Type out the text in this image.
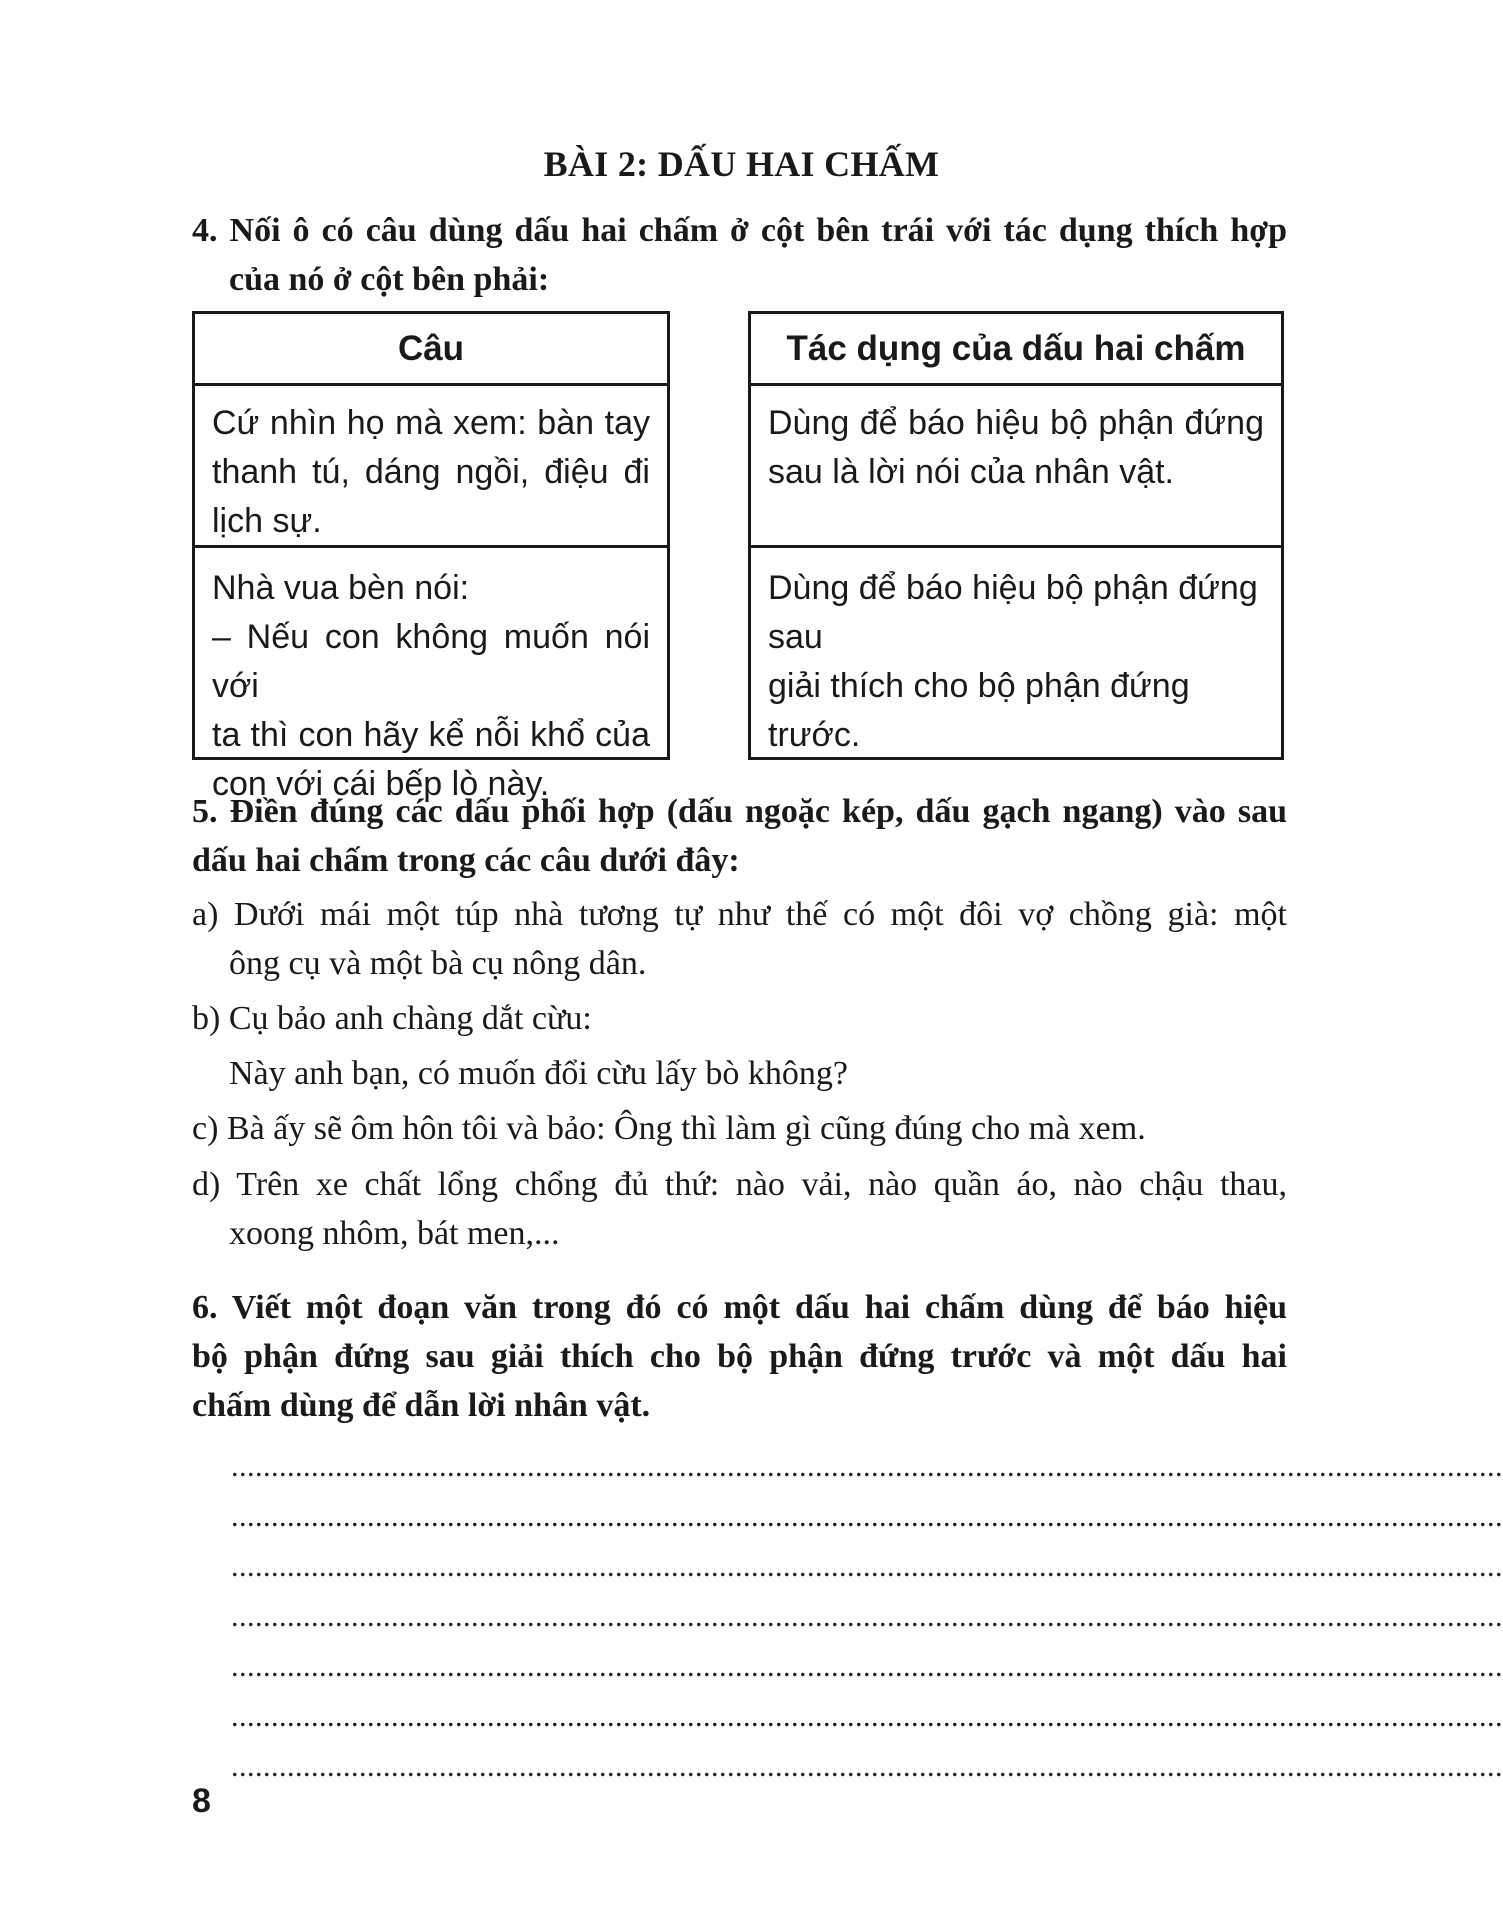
BÀI 2: DẤU HAI CHẤM
4. Nối ô có câu dùng dấu hai chấm ở cột bên trái với tác dụng thích hợp
của nó ở cột bên phải:
Câu
Cứ nhìn họ mà xem: bàn tay
thanh tú, dáng ngồi, điệu đi
lịch sự.
Nhà vua bèn nói:
– Nếu con không muốn nói với
ta thì con hãy kể nỗi khổ của
con với cái bếp lò này.
Tác dụng của dấu hai chấm
Dùng để báo hiệu bộ phận đứng
sau là lời nói của nhân vật.
Dùng để báo hiệu bộ phận đứng sau
giải thích cho bộ phận đứng trước.
5. Điền đúng các dấu phối hợp (dấu ngoặc kép, dấu gạch ngang) vào sau
dấu hai chấm trong các câu dưới đây:
a) Dưới mái một túp nhà tương tự như thế có một đôi vợ chồng già: một
ông cụ và một bà cụ nông dân.
b) Cụ bảo anh chàng dắt cừu:
Này anh bạn, có muốn đổi cừu lấy bò không?
c) Bà ấy sẽ ôm hôn tôi và bảo: Ông thì làm gì cũng đúng cho mà xem.
d) Trên xe chất lổng chổng đủ thứ: nào vải, nào quần áo, nào chậu thau,
xoong nhôm, bát men,...
6. Viết một đoạn văn trong đó có một dấu hai chấm dùng để báo hiệu
bộ phận đứng sau giải thích cho bộ phận đứng trước và một dấu hai
chấm dùng để dẫn lời nhân vật.
...............................................................................................................................................................
...............................................................................................................................................................
...............................................................................................................................................................
...............................................................................................................................................................
...............................................................................................................................................................
...............................................................................................................................................................
...............................................................................................................................................................
8
